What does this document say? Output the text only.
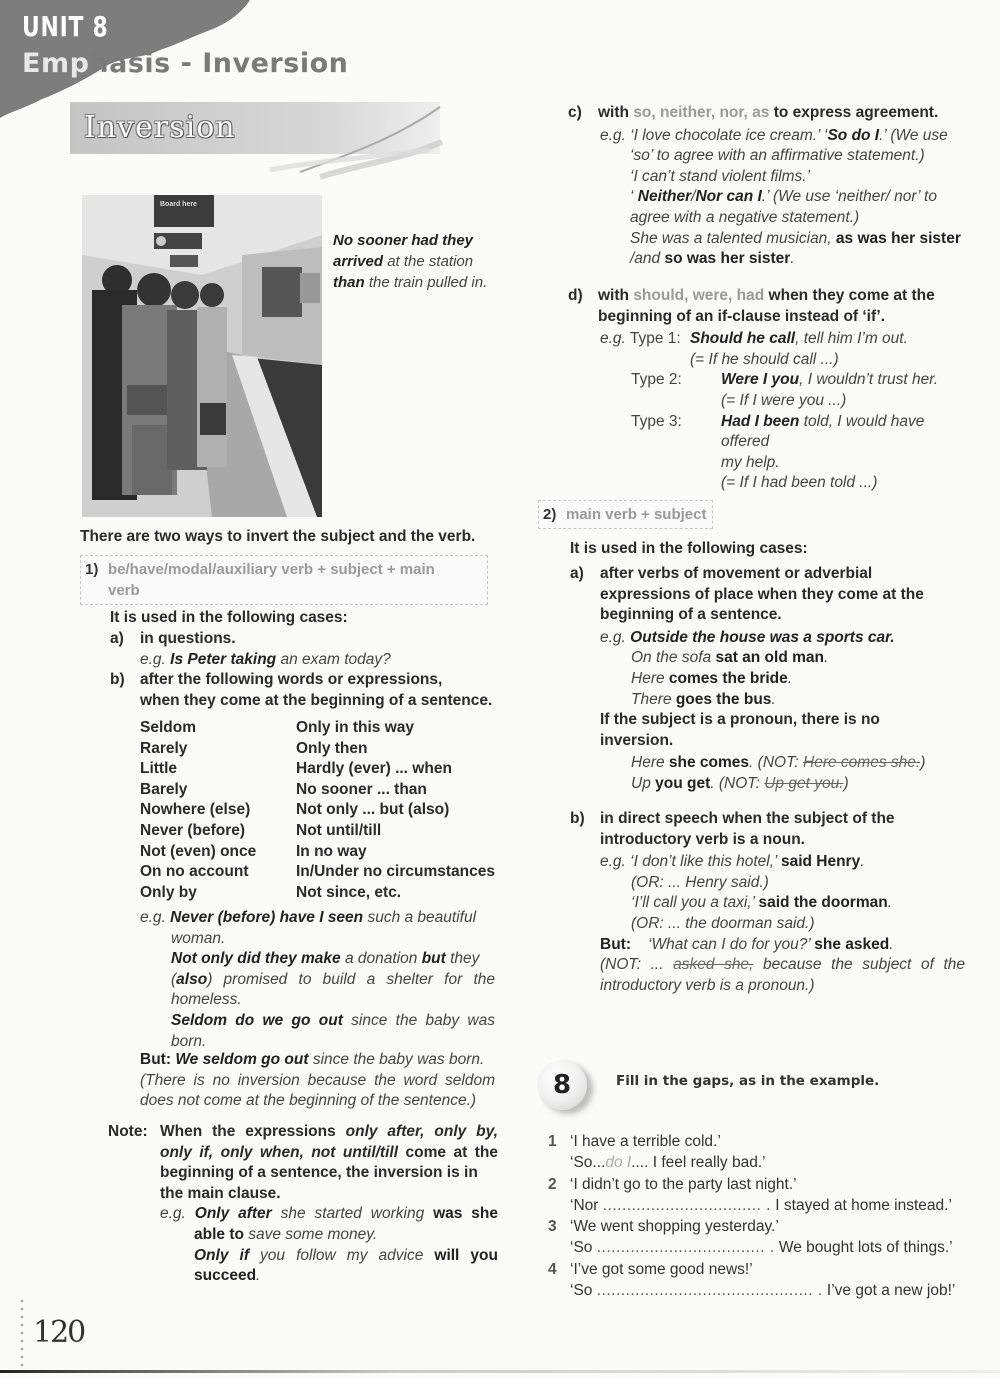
UNIT 8
Emphasis - Inversion
Inversion
Board here
No sooner had they
arrived at the station
than the train pulled in.
There are two ways to invert the subject and the verb.
1) be/have/modal/auxiliary verb + subject + main
verb
It is used in the following cases:
a) in questions.
e.g. Is Peter taking an exam today?
b) after the following words or expressions,
when they come at the beginning of a sentence.
Seldom	Only in this way
Rarely	Only then
Little	Hardly (ever) ... when
Barely	No sooner ... than
Nowhere (else)	Not only ... but (also)
Never (before)	Not until/till
Not (even) once	In no way
On no account	In/Under no circumstances
Only by	Not since, etc.
e.g. Never (before) have I seen such a beautiful
woman.
Not only did they make a donation but they
(also) promised to build a shelter for the
homeless.
Seldom do we go out since the baby was
born.
But: We seldom go out since the baby was born.
(There is no inversion because the word seldom
does not come at the beginning of the sentence.)
Note: When the expressions only after, only by,
only if, only when, not until/till come at the
beginning of a sentence, the inversion is in
the main clause.
e.g. Only after she started working was she
able to save some money.
Only if you follow my advice will you
succeed.
120
c) with so, neither, nor, as to express agreement.
e.g. ‘I love chocolate ice cream.’ ‘So do I.’ (We use
‘so’ to agree with an affirmative statement.)
‘I can’t stand violent films.’
‘ Neither/Nor can I.’ (We use ‘neither/ nor’ to
agree with a negative statement.)
She was a talented musician, as was her sister
/and so was her sister.
d) with should, were, had when they come at the
beginning of an if-clause instead of ‘if’.
e.g. Type 1: Should he call, tell him I’m out.
(= If he should call ...)
Type 2:	Were I you, I wouldn’t trust her.
(= If I were you ...)
Type 3:	Had I been told, I would have offered
my help.
(= If I had been told ...)
2) main verb + subject
It is used in the following cases:
a) after verbs of movement or adverbial
expressions of place when they come at the
beginning of a sentence.
e.g. Outside the house was a sports car.
On the sofa sat an old man.
Here comes the bride.
There goes the bus.
If the subject is a pronoun, there is no
inversion.
Here she comes. (NOT: Here comes she.)
Up you get. (NOT: Up get you.)
b) in direct speech when the subject of the
introductory verb is a noun.
e.g. ‘I don’t like this hotel,’ said Henry.
(OR: ... Henry said.)
‘I’ll call you a taxi,’ said the doorman.
(OR: ... the doorman said.)
But: ‘What can I do for you?’ she asked.
(NOT: ... asked she, because the subject of the
introductory verb is a pronoun.)
8	Fill in the gaps, as in the example.
1 ‘I have a terrible cold.’
‘So...do I.... I feel really bad.’
2 ‘I didn’t go to the party last night.’
‘Nor ................................. . I stayed at home instead.’
3 ‘We went shopping yesterday.’
‘So ................................... . We bought lots of things.’
4 ‘I’ve got some good news!’
‘So ............................................. . I’ve got a new job!’
